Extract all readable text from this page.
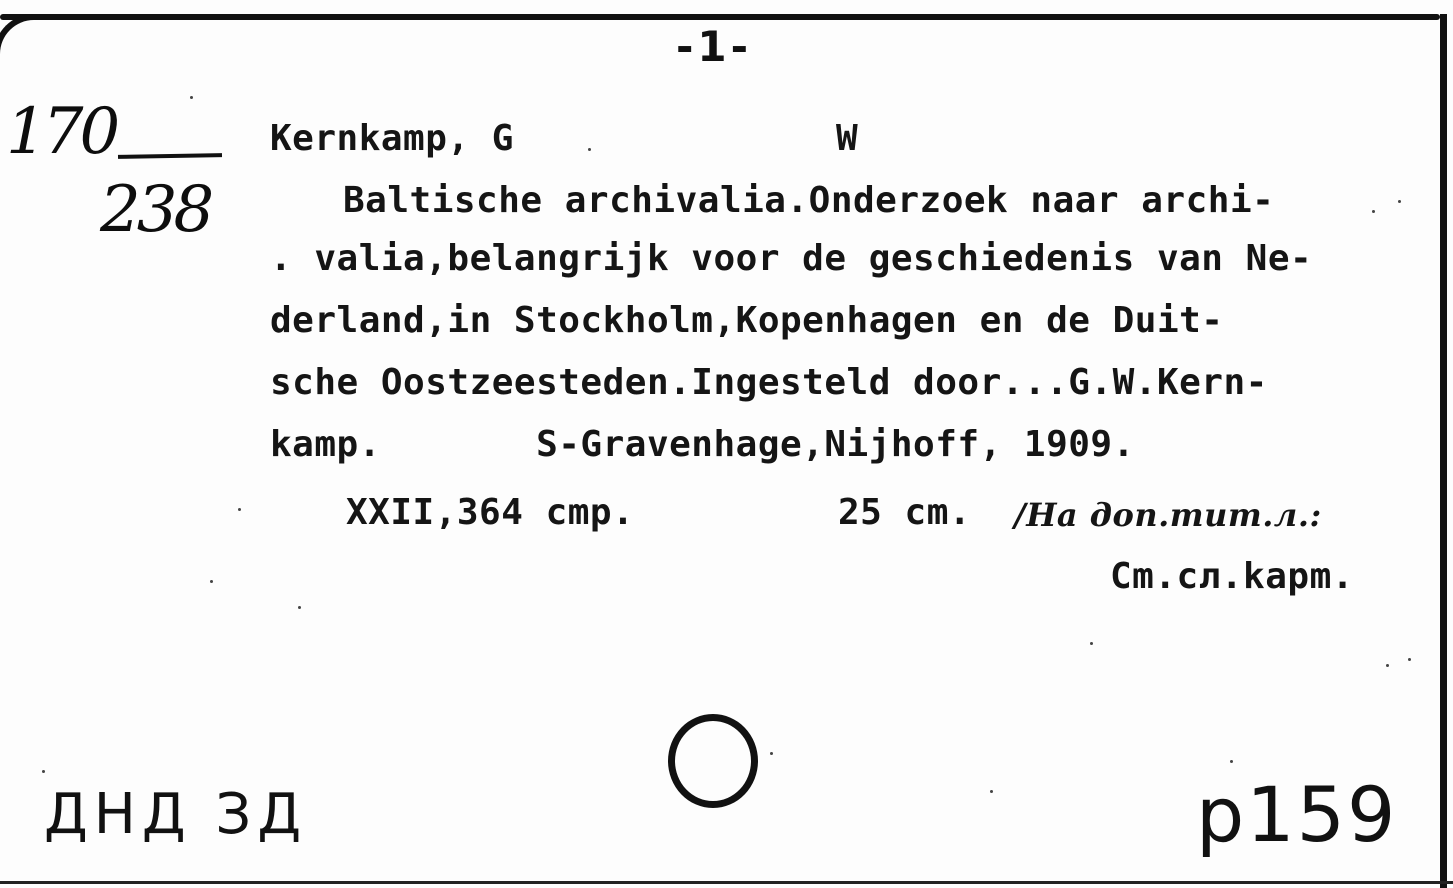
-1-
170
238
Kernkamp, G	W
Baltische archivalia.Onderzoek naar archi-
. valia,belangrijk voor de geschiedenis van Ne-
derland,in Stockholm,Kopenhagen en de Duit-
sche Oostzeesteden.Ingesteld door...G.W.Kern-
kamp.       S-Gravenhage,Nijhoff, 1909.
XXII,364 cmp.	25 cm. /На доп.тит.л.:
Cm.cл.kapm.
ДНД ЗД	p159
